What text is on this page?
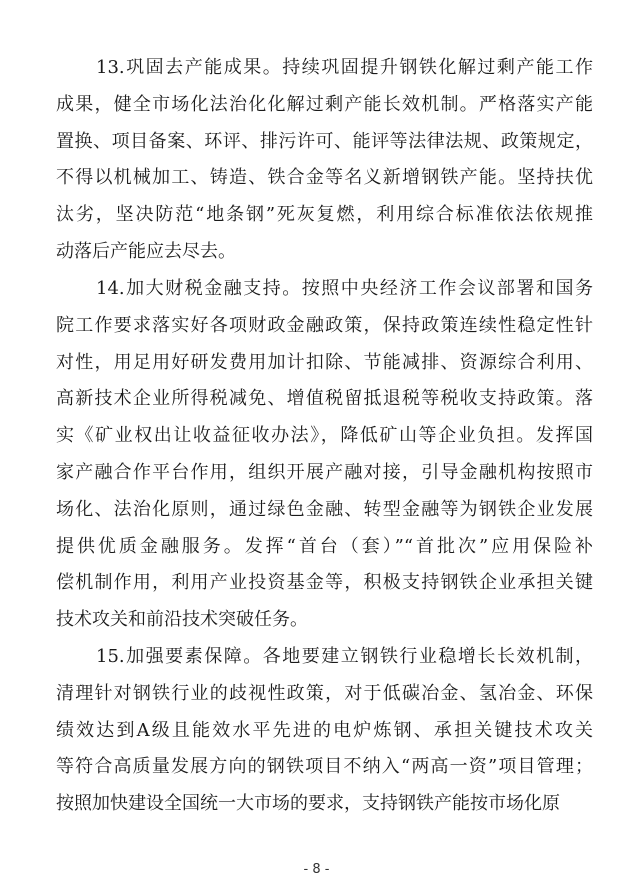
13.巩固去产能成果。持续巩固提升钢铁化解过剩产能工作
成果，健全市场化法治化化解过剩产能长效机制。严格落实产能
置换、项目备案、环评、排污许可、能评等法律法规、政策规定，
不得以机械加工、铸造、铁合金等名义新增钢铁产能。坚持扶优
汰劣，坚决防范“地条钢”死灰复燃，利用综合标准依法依规推
动落后产能应去尽去。
14.加大财税金融支持。按照中央经济工作会议部署和国务
院工作要求落实好各项财政金融政策，保持政策连续性稳定性针
对性，用足用好研发费用加计扣除、节能减排、资源综合利用、
高新技术企业所得税减免、增值税留抵退税等税收支持政策。落
实《矿业权出让收益征收办法》，降低矿山等企业负担。发挥国
家产融合作平台作用，组织开展产融对接，引导金融机构按照市
场化、法治化原则，通过绿色金融、转型金融等为钢铁企业发展
提供优质金融服务。发挥“首台（套）”“首批次”应用保险补
偿机制作用，利用产业投资基金等，积极支持钢铁企业承担关键
技术攻关和前沿技术突破任务。
15.加强要素保障。各地要建立钢铁行业稳增长长效机制，
清理针对钢铁行业的歧视性政策，对于低碳冶金、氢冶金、环保
绩效达到A级且能效水平先进的电炉炼钢、承担关键技术攻关
等符合高质量发展方向的钢铁项目不纳入“两高一资”项目管理；
按照加快建设全国统一大市场的要求，支持钢铁产能按市场化原
- 8 -
